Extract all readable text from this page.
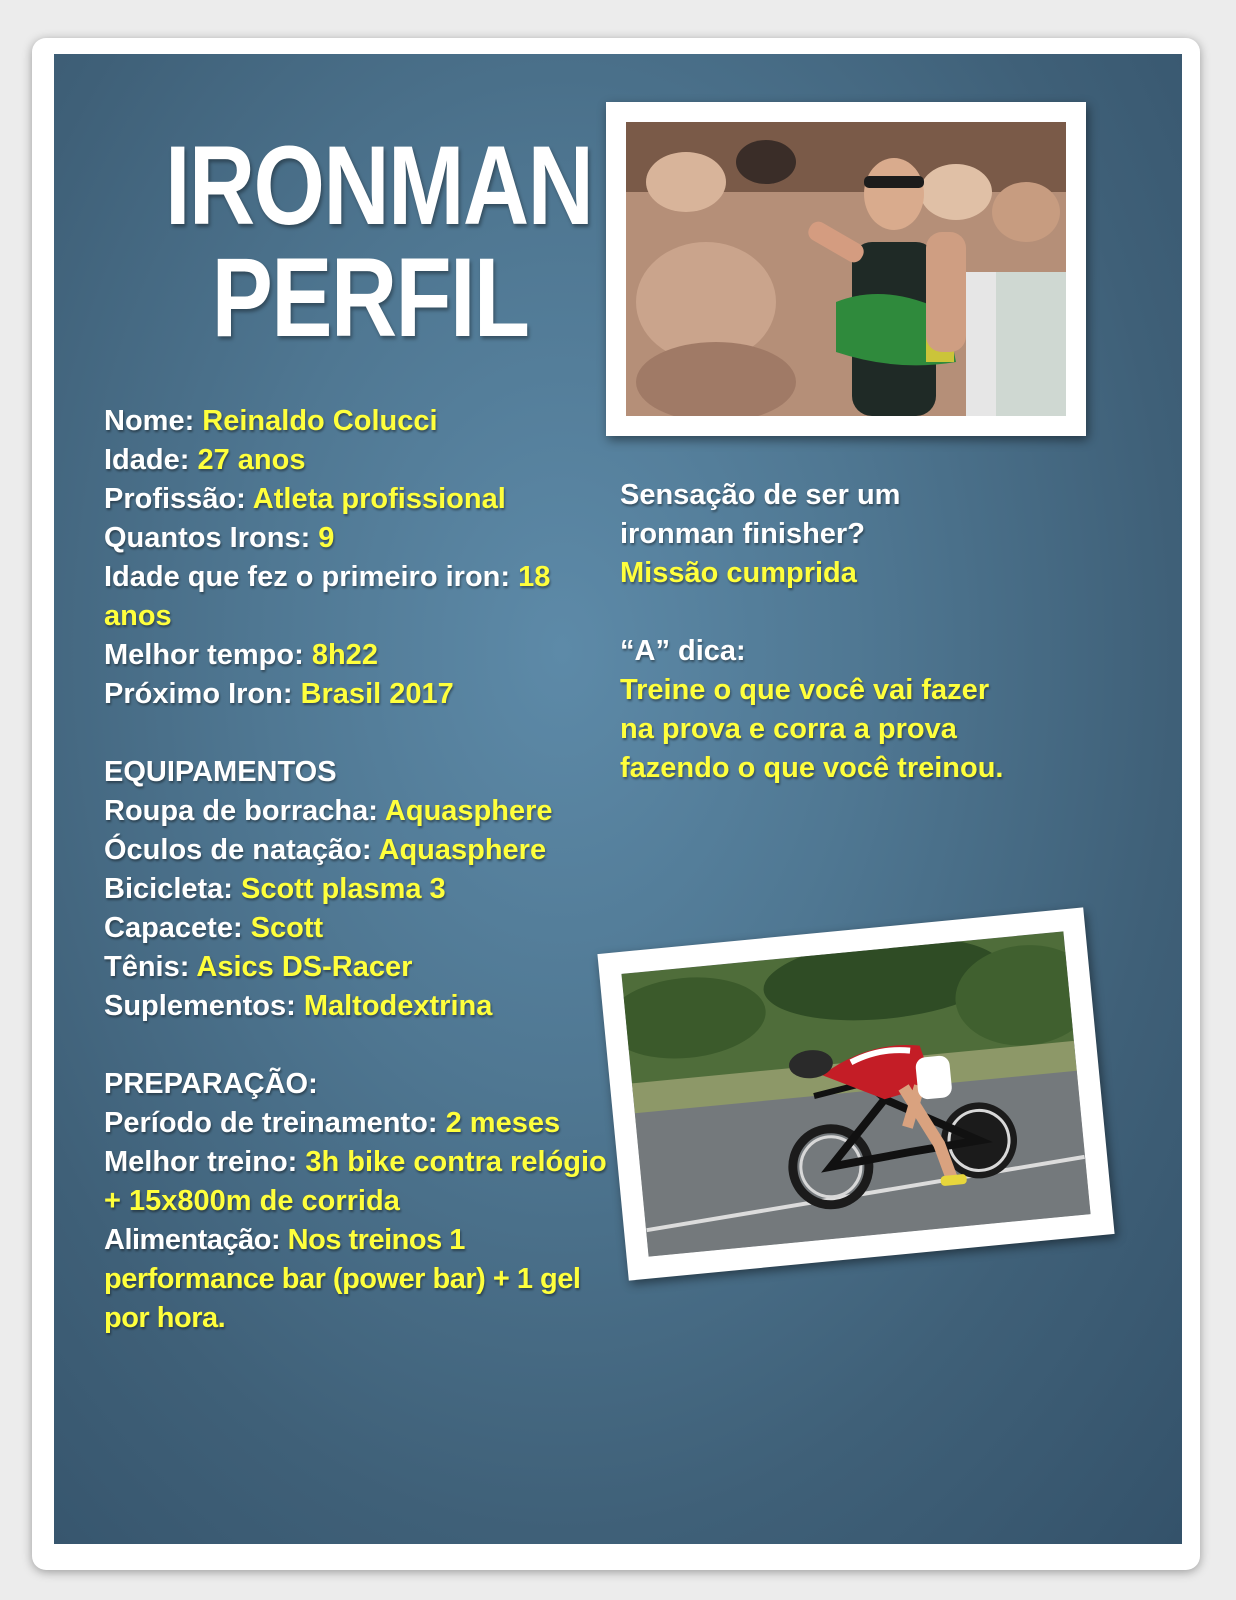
IRONMAN
PERFIL
Nome: Reinaldo Colucci
Idade: 27 anos
Profissão: Atleta profissional
Quantos Irons: 9
Idade que fez o primeiro iron: 18 anos
Melhor tempo: 8h22
Próximo Iron: Brasil 2017
EQUIPAMENTOS
Roupa de borracha: Aquasphere
Óculos de natação: Aquasphere
Bicicleta: Scott plasma 3
Capacete: Scott
Tênis: Asics DS-Racer
Suplementos: Maltodextrina
PREPARAÇÃO:
Período de treinamento: 2 meses
Melhor treino: 3h bike contra relógio + 15x800m de corrida
Alimentação: Nos treinos 1 performance bar (power bar) + 1 gel por hora.
Sensação de ser um ironman finisher?
Missão cumprida
“A” dica:
Treine o que você vai fazer na prova e corra a prova fazendo o que você treinou.
